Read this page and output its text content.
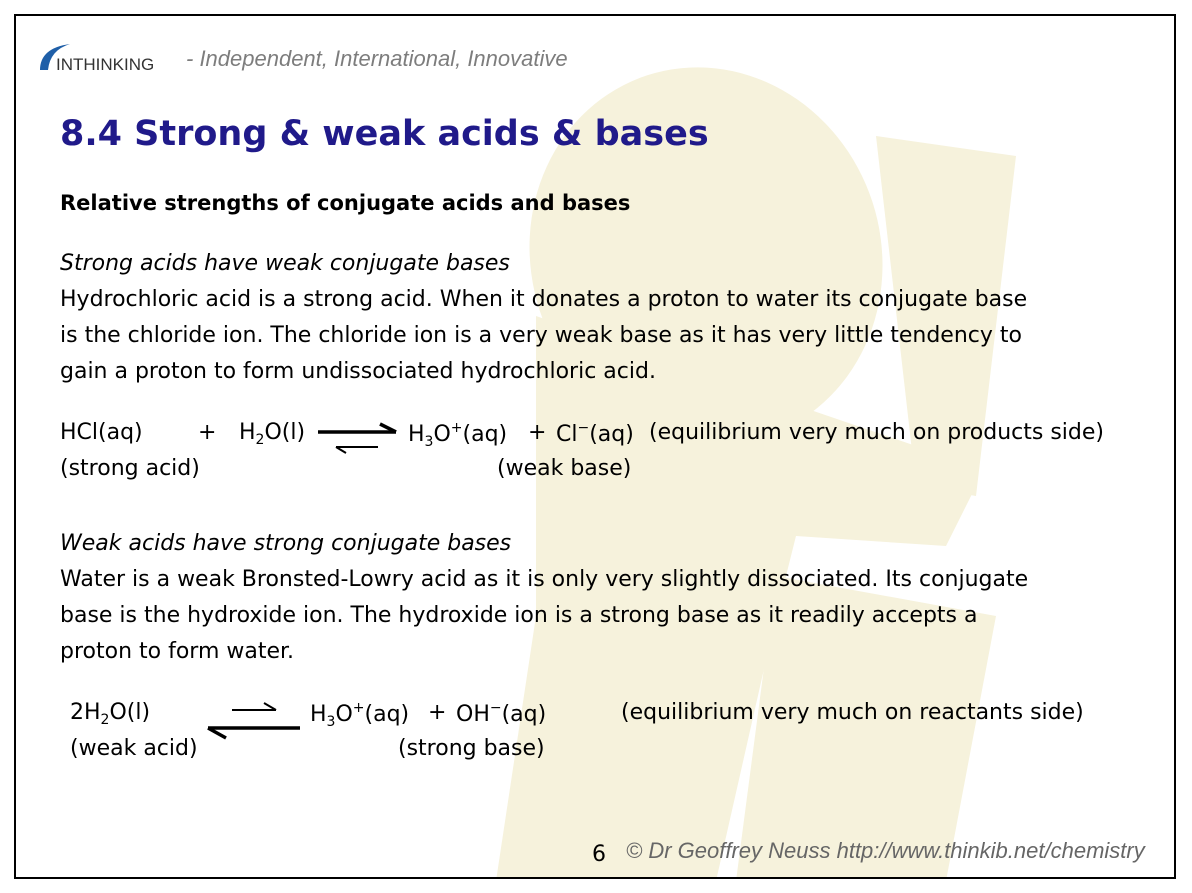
INTHINKING - Independent, International, Innovative
8.4 Strong & weak acids & bases
Relative strengths of conjugate acids and bases
Strong acids have weak conjugate bases
Hydrochloric acid is a strong acid. When it donates a proton to water its conjugate base
is the chloride ion. The chloride ion is a very weak base as it has very little tendency to
gain a proton to form undissociated hydrochloric acid.
HCl(aq)	+ $H_2O(l)$	$H_3O^+(aq) + Cl^-(aq)$ (equilibrium very much on products side)
(strong acid)	(weak base)
Weak acids have strong conjugate bases
Water is a weak Bronsted-Lowry acid as it is only very slightly dissociated. Its conjugate
base is the hydroxide ion. The hydroxide ion is a strong base as it readily accepts a
proton to form water.
$2H_2O(l)$	$H_3O^+(aq) + OH^-(aq)$	(equilibrium very much on reactants side)
(weak acid)	(strong base)
6 © Dr Geoffrey Neuss http://www.thinkib.net/chemistry
